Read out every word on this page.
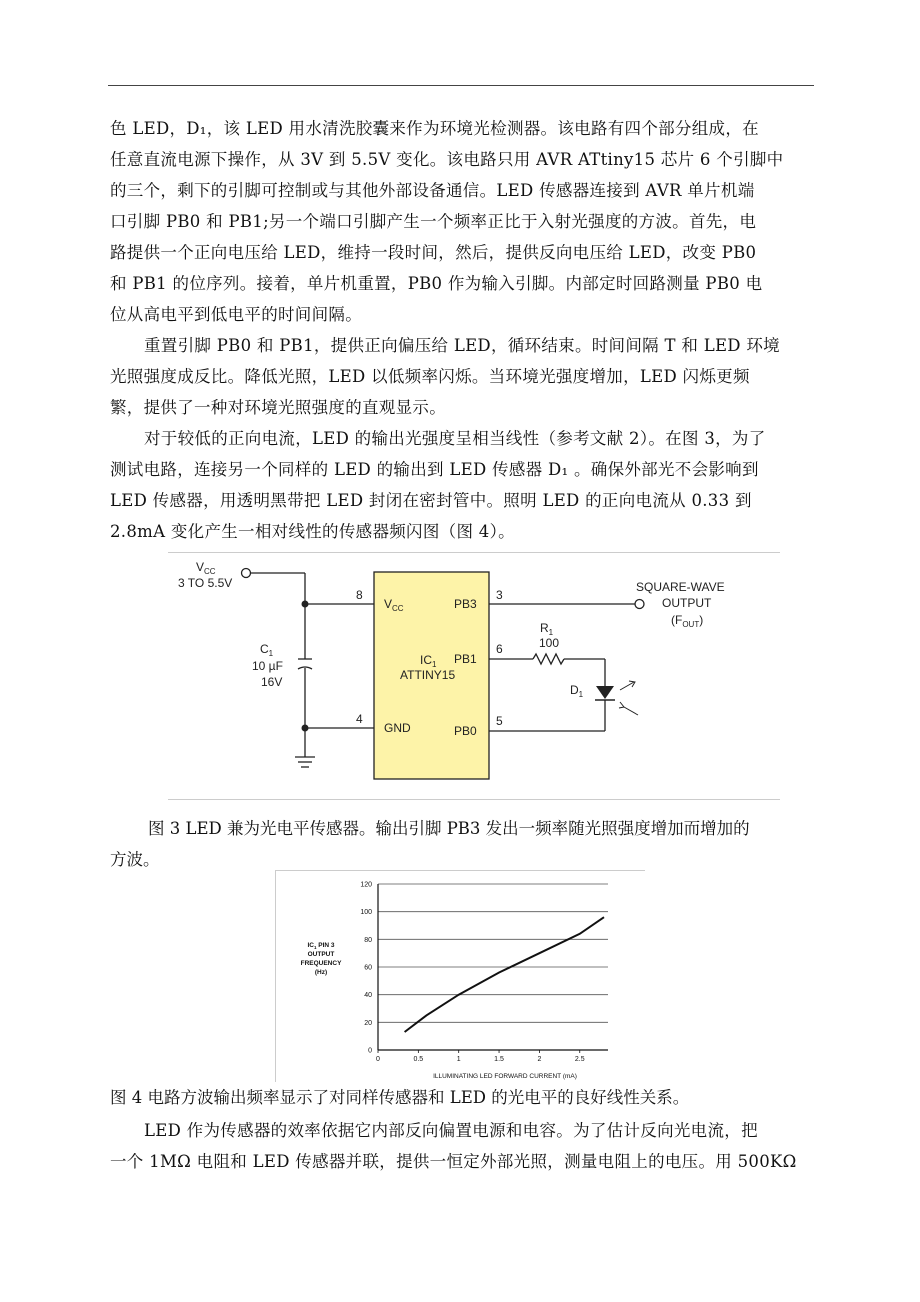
色 LED，D₁，该 LED 用水清洗胶囊来作为环境光检测器。该电路有四个部分组成，在
任意直流电源下操作，从 3V 到 5.5V 变化。该电路只用 AVR ATtiny15 芯片 6 个引脚中
的三个，剩下的引脚可控制或与其他外部设备通信。LED 传感器连接到 AVR 单片机端
口引脚 PB0 和 PB1;另一个端口引脚产生一个频率正比于入射光强度的方波。首先，电
路提供一个正向电压给 LED，维持一段时间，然后，提供反向电压给 LED，改变 PB0
和 PB1 的位序列。接着，单片机重置，PB0 作为输入引脚。内部定时回路测量 PB0 电
位从高电平到低电平的时间间隔。
重置引脚 PB0 和 PB1，提供正向偏压给 LED，循环结束。时间间隔 T 和 LED 环境
光照强度成反比。降低光照，LED 以低频率闪烁。当环境光强度增加，LED 闪烁更频
繁，提供了一种对环境光照强度的直观显示。
对于较低的正向电流，LED 的输出光强度呈相当线性（参考文献 2）。在图 3，为了
测试电路，连接另一个同样的 LED 的输出到 LED 传感器 D₁ 。确保外部光不会影响到
LED 传感器，用透明黑带把 LED 封闭在密封管中。照明 LED 的正向电流从 0.33 到
2.8mA 变化产生一相对线性的传感器频闪图（图 4）。
$V_{CC}$
3 TO 5.5V
$C_1$
10 µF
16V
8
4
3
6
5
$V_{CC}$
GND
PB3
PB1
PB0
$IC_1$
ATTINY15
$R_1$
100
$D_1$
SQUARE-WAVE
OUTPUT
$(F_{OUT})$
图 3 LED 兼为光电平传感器。输出引脚 PB3 发出一频率随光照强度增加而增加的
方波。
0
20
40
60
80
100
120
0	0.5	1	1.5	2	2.5
$IC_1$ PIN 3
OUTPUT
FREQUENCY
(Hz)
ILLUMINATING LED FORWARD CURRENT (mA)
图 4 电路方波输出频率显示了对同样传感器和 LED 的光电平的良好线性关系。
LED 作为传感器的效率依据它内部反向偏置电源和电容。为了估计反向光电流，把
一个 1MΩ 电阻和 LED 传感器并联，提供一恒定外部光照，测量电阻上的电压。用 500KΩ
